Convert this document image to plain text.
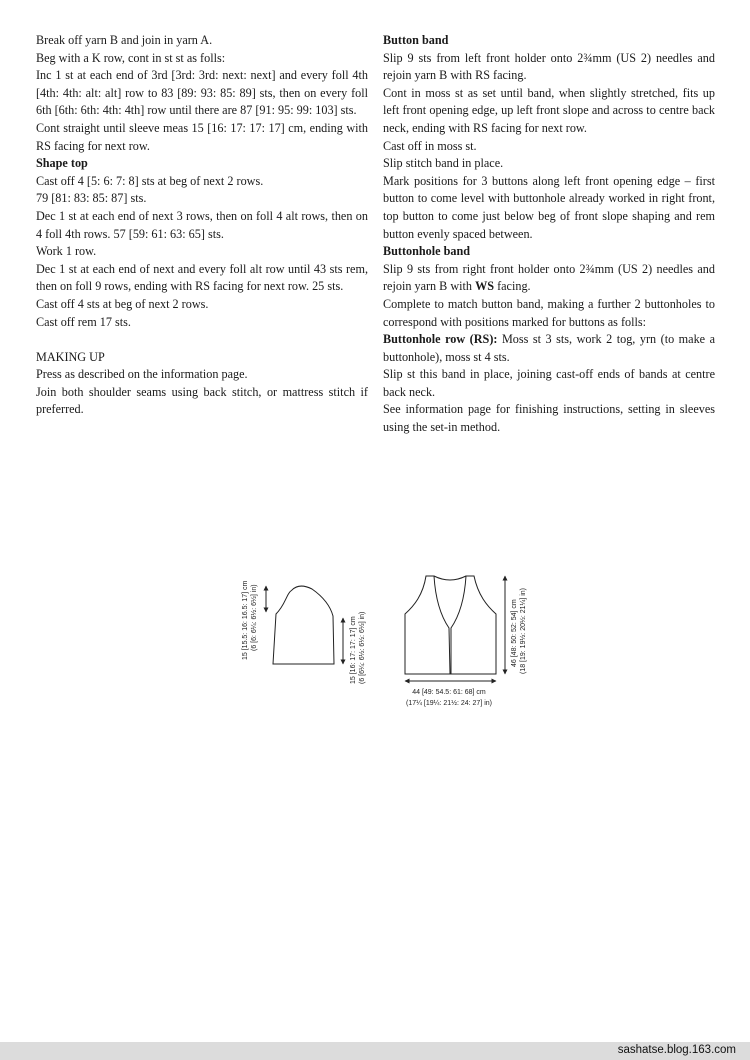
Break off yarn B and join in yarn A.

Beg with a K row, cont in st st as folls:

Inc 1 st at each end of 3rd [3rd: 3rd: next: next] and every foll 4th [4th: 4th: alt: alt] row to 83 [89: 93: 85: 89] sts, then on every foll 6th [6th: 6th: 4th: 4th] row until there are 87 [91: 95: 99: 103] sts.

Cont straight until sleeve meas 15 [16: 17: 17: 17] cm, ending with RS facing for next row.

Shape top

Cast off 4 [5: 6: 7: 8] sts at beg of next 2 rows.

79 [81: 83: 85: 87] sts.

Dec 1 st at each end of next 3 rows, then on foll 4 alt rows, then on 4 foll 4th rows. 57 [59: 61: 63: 65] sts.

Work 1 row.

Dec 1 st at each end of next and every foll alt row until 43 sts rem, then on foll 9 rows, ending with RS facing for next row. 25 sts.

Cast off 4 sts at beg of next 2 rows.

Cast off rem 17 sts.

MAKING UP

Press as described on the information page.

Join both shoulder seams using back stitch, or mattress stitch if preferred.

Button band

Slip 9 sts from left front holder onto 2¾mm (US 2) needles and rejoin yarn B with RS facing.

Cont in moss st as set until band, when slightly stretched, fits up left front opening edge, up left front slope and across to centre back neck, ending with RS facing for next row.

Cast off in moss st.

Slip stitch band in place.

Mark positions for 3 buttons along left front opening edge – first button to come level with buttonhole already worked in right front, top button to come just below beg of front slope shaping and rem button evenly spaced between.

Buttonhole band

Slip 9 sts from right front holder onto 2¾mm (US 2) needles and rejoin yarn B with WS facing.

Complete to match button band, making a further 2 buttonholes to correspond with positions marked for buttons as folls:

Buttonhole row (RS): Moss st 3 sts, work 2 tog, yrn (to make a buttonhole), moss st 4 sts.

Slip st this band in place, joining cast-off ends of bands at centre back neck.

See information page for finishing instructions, setting in sleeves using the set-in method.

15 [15.5: 16: 16.5: 17] cm (6 [6: 6¼: 6½: 6½] in)	15 [16: 17: 17: 17] cm (6 [6¼: 6½: 6½: 6½] in)	46 [48: 50: 52: 54] cm (18 [19: 19½: 20½: 21¼] in)
44 [49: 54.5: 61: 68] cm
(17¼ [19¼: 21½: 24: 27] in)
sashatse.blog.163.com
